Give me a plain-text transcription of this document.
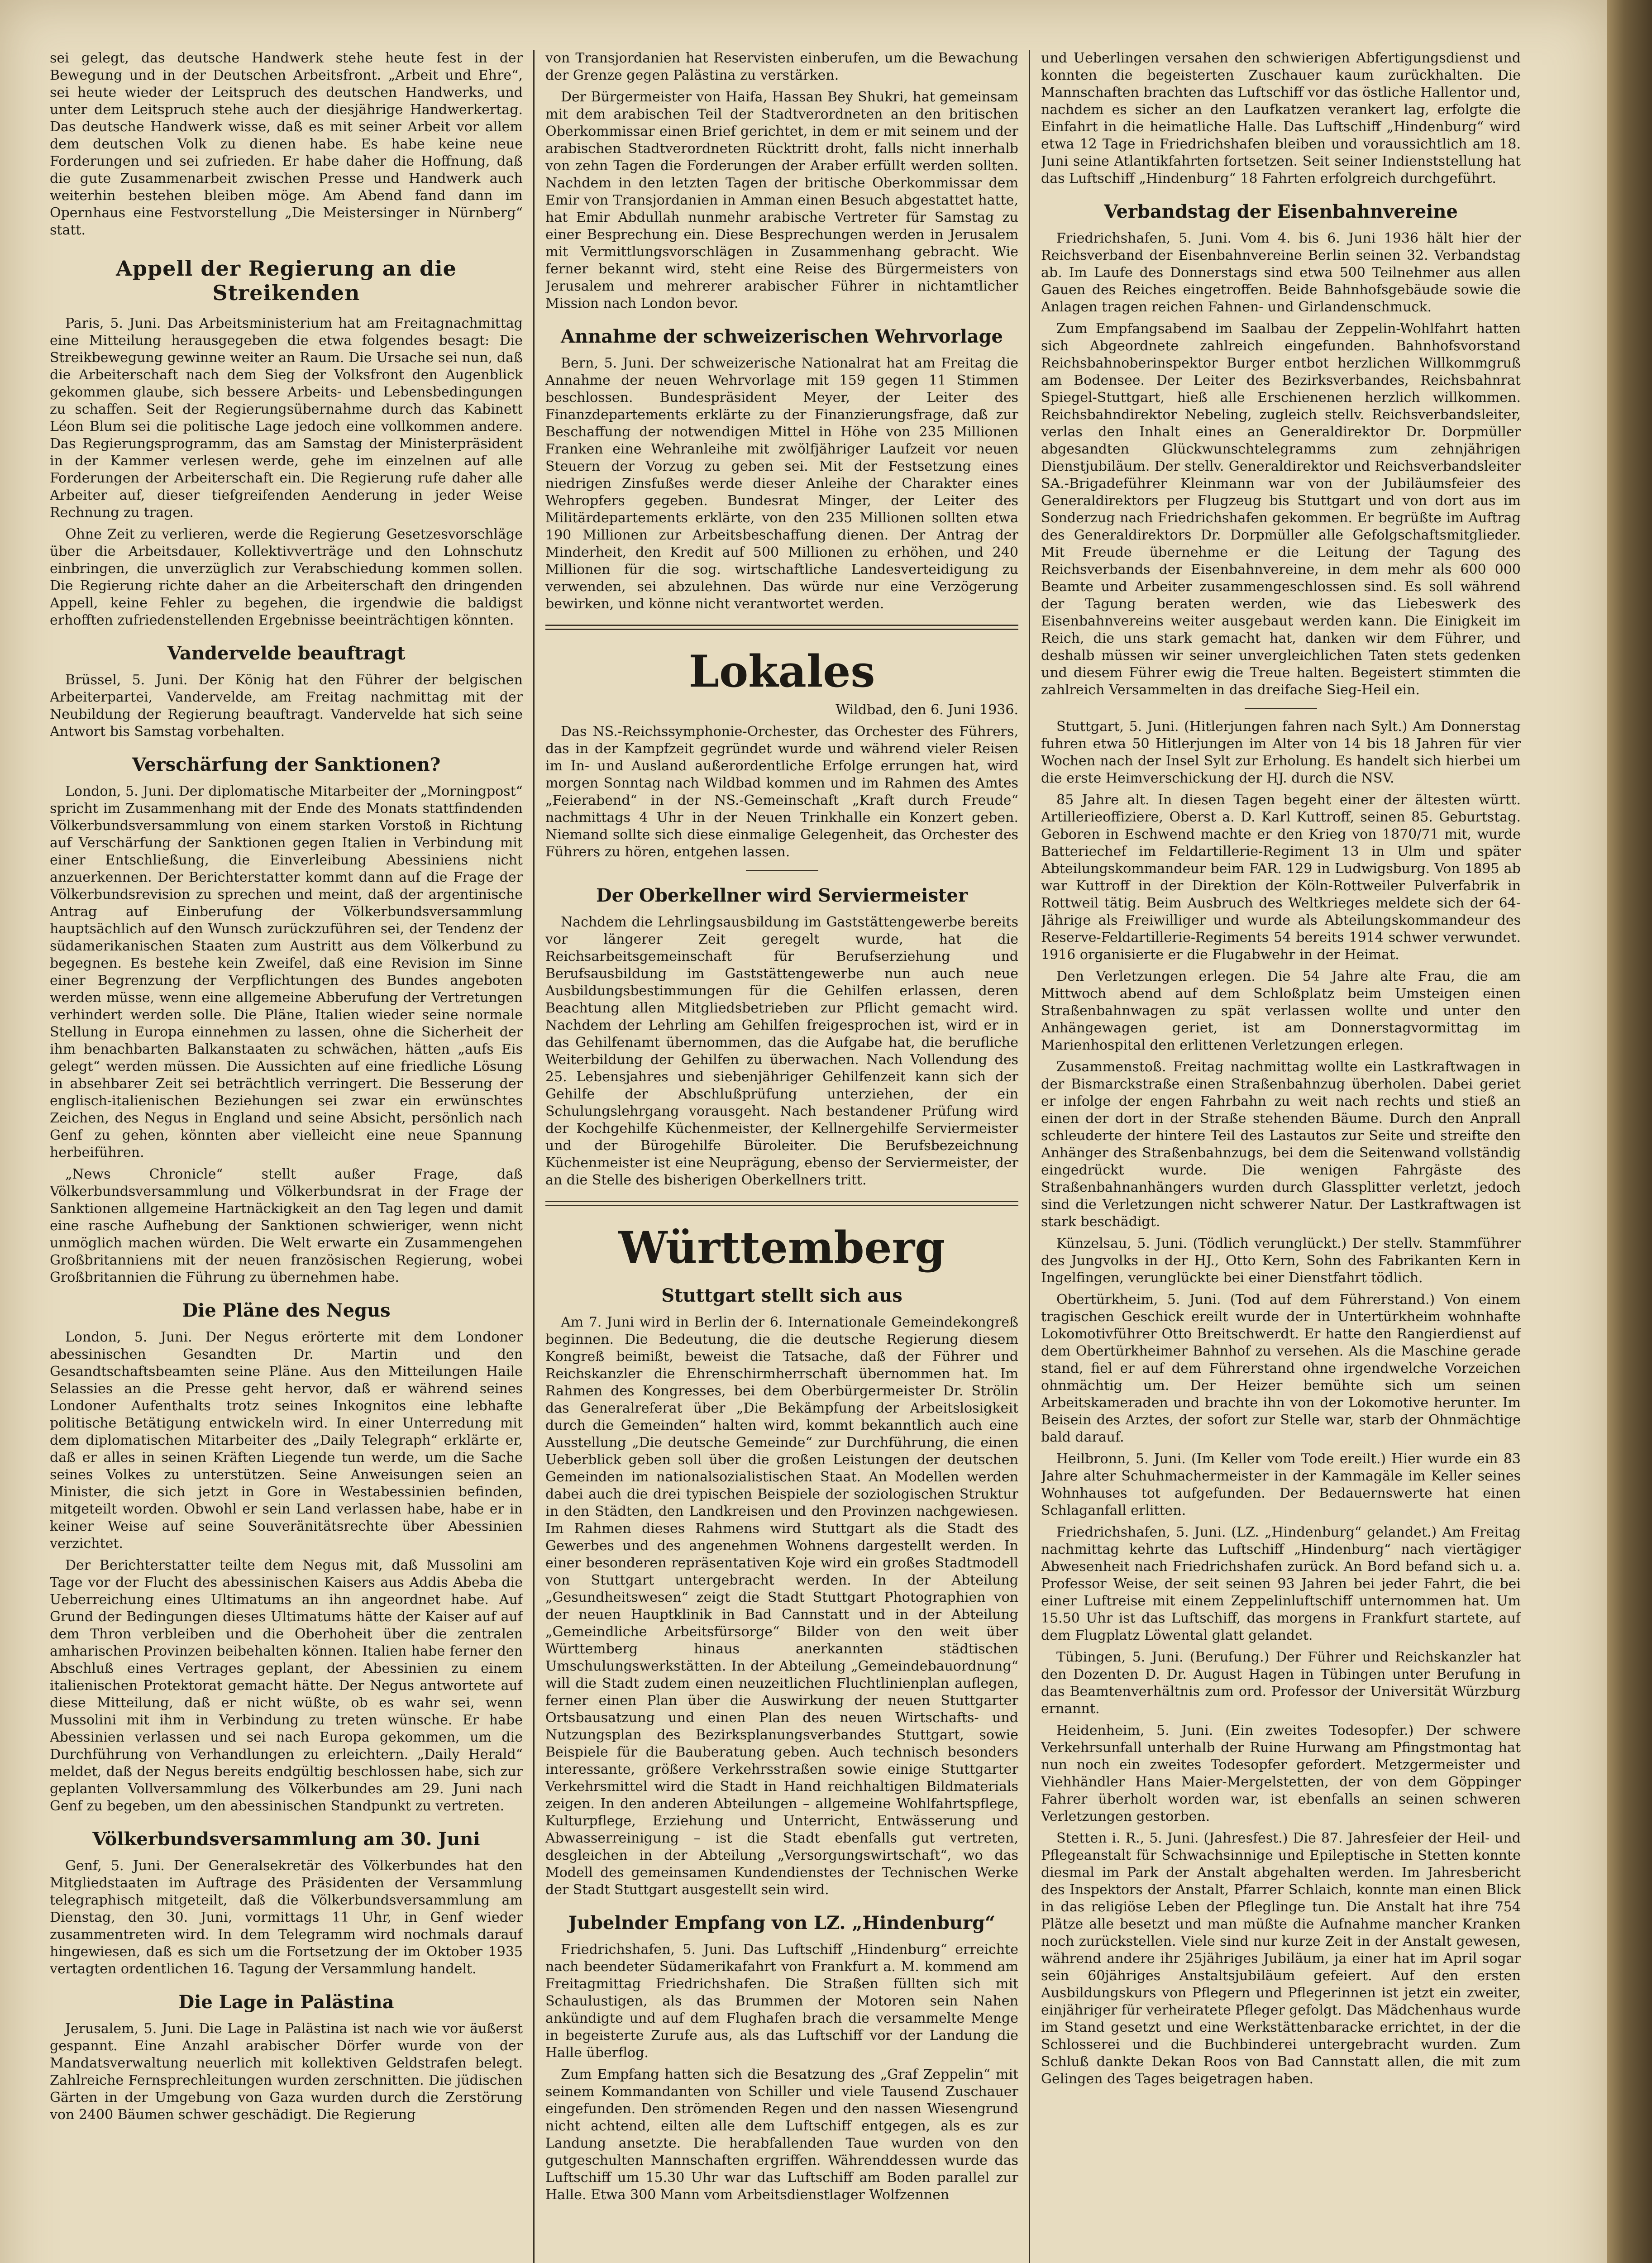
sei gelegt, das deutsche Handwerk stehe heute fest in der Bewegung und in der Deutschen Arbeitsfront. „Arbeit und Ehre“, sei heute wieder der Leitspruch des deutschen Handwerks, und unter dem Leitspruch stehe auch der diesjährige Handwerkertag. Das deutsche Handwerk wisse, daß es mit seiner Arbeit vor allem dem deutschen Volk zu dienen habe. Es habe keine neue Forderungen und sei zufrieden. Er habe daher die Hoffnung, daß die gute Zusammenarbeit zwischen Presse und Handwerk auch weiterhin bestehen bleiben möge. Am Abend fand dann im Opernhaus eine Festvorstellung „Die Meistersinger in Nürnberg“ statt.

Appell der Regierung an die Streikenden

Paris, 5. Juni. Das Arbeitsministerium hat am Freitagnachmittag eine Mitteilung herausgegeben die etwa folgendes besagt: Die Streikbewegung gewinne weiter an Raum. Die Ursache sei nun, daß die Arbeiterschaft nach dem Sieg der Volksfront den Augenblick gekommen glaube, sich bessere Arbeits- und Lebensbedingungen zu schaffen. Seit der Regierungsübernahme durch das Kabinett Léon Blum sei die politische Lage jedoch eine vollkommen andere. Das Regierungsprogramm, das am Samstag der Ministerpräsident in der Kammer verlesen werde, gehe im einzelnen auf alle Forderungen der Arbeiterschaft ein. Die Regierung rufe daher alle Arbeiter auf, dieser tiefgreifenden Aenderung in jeder Weise Rechnung zu tragen.

Ohne Zeit zu verlieren, werde die Regierung Gesetzesvorschläge über die Arbeitsdauer, Kollektivverträge und den Lohnschutz einbringen, die unverzüglich zur Verabschiedung kommen sollen. Die Regierung richte daher an die Arbeiterschaft den dringenden Appell, keine Fehler zu begehen, die irgendwie die baldigst erhofften zufriedenstellenden Ergebnisse beeinträchtigen könnten.

Vandervelde beauftragt

Brüssel, 5. Juni. Der König hat den Führer der belgischen Arbeiterpartei, Vandervelde, am Freitag nachmittag mit der Neubildung der Regierung beauftragt. Vandervelde hat sich seine Antwort bis Samstag vorbehalten.

Verschärfung der Sanktionen?

London, 5. Juni. Der diplomatische Mitarbeiter der „Morningpost“ spricht im Zusammenhang mit der Ende des Monats stattfindenden Völkerbundsversammlung von einem starken Vorstoß in Richtung auf Verschärfung der Sanktionen gegen Italien in Verbindung mit einer Entschließung, die Einverleibung Abessiniens nicht anzuerkennen. Der Berichterstatter kommt dann auf die Frage der Völkerbundsrevision zu sprechen und meint, daß der argentinische Antrag auf Einberufung der Völkerbundsversammlung hauptsächlich auf den Wunsch zurückzuführen sei, der Tendenz der südamerikanischen Staaten zum Austritt aus dem Völkerbund zu begegnen. Es bestehe kein Zweifel, daß eine Revision im Sinne einer Begrenzung der Verpflichtungen des Bundes angeboten werden müsse, wenn eine allgemeine Abberufung der Vertretungen verhindert werden solle. Die Pläne, Italien wieder seine normale Stellung in Europa einnehmen zu lassen, ohne die Sicherheit der ihm benachbarten Balkanstaaten zu schwächen, hätten „aufs Eis gelegt“ werden müssen. Die Aussichten auf eine friedliche Lösung in absehbarer Zeit sei beträchtlich verringert. Die Besserung der englisch-italienischen Beziehungen sei zwar ein erwünschtes Zeichen, des Negus in England und seine Absicht, persönlich nach Genf zu gehen, könnten aber vielleicht eine neue Spannung herbeiführen.

„News Chronicle“ stellt außer Frage, daß Völkerbundsversammlung und Völkerbundsrat in der Frage der Sanktionen allgemeine Hartnäckigkeit an den Tag legen und damit eine rasche Aufhebung der Sanktionen schwieriger, wenn nicht unmöglich machen würden. Die Welt erwarte ein Zusammengehen Großbritanniens mit der neuen französischen Regierung, wobei Großbritannien die Führung zu übernehmen habe.

Die Pläne des Negus

London, 5. Juni. Der Negus erörterte mit dem Londoner abessinischen Gesandten Dr. Martin und den Gesandtschaftsbeamten seine Pläne. Aus den Mitteilungen Haile Selassies an die Presse geht hervor, daß er während seines Londoner Aufenthalts trotz seines Inkognitos eine lebhafte politische Betätigung entwickeln wird. In einer Unterredung mit dem diplomatischen Mitarbeiter des „Daily Telegraph“ erklärte er, daß er alles in seinen Kräften Liegende tun werde, um die Sache seines Volkes zu unterstützen. Seine Anweisungen seien an Minister, die sich jetzt in Gore in Westabessinien befinden, mitgeteilt worden. Obwohl er sein Land verlassen habe, habe er in keiner Weise auf seine Souveränitätsrechte über Abessinien verzichtet.

Der Berichterstatter teilte dem Negus mit, daß Mussolini am Tage vor der Flucht des abessinischen Kaisers aus Addis Abeba die Ueberreichung eines Ultimatums an ihn angeordnet habe. Auf Grund der Bedingungen dieses Ultimatums hätte der Kaiser auf auf dem Thron verbleiben und die Oberhoheit über die zentralen amharischen Provinzen beibehalten können. Italien habe ferner den Abschluß eines Vertrages geplant, der Abessinien zu einem italienischen Protektorat gemacht hätte. Der Negus antwortete auf diese Mitteilung, daß er nicht wüßte, ob es wahr sei, wenn Mussolini mit ihm in Verbindung zu treten wünsche. Er habe Abessinien verlassen und sei nach Europa gekommen, um die Durchführung von Verhandlungen zu erleichtern. „Daily Herald“ meldet, daß der Negus bereits endgültig beschlossen habe, sich zur geplanten Vollversammlung des Völkerbundes am 29. Juni nach Genf zu begeben, um den abessinischen Standpunkt zu vertreten.

Völkerbundsversammlung am 30. Juni

Genf, 5. Juni. Der Generalsekretär des Völkerbundes hat den Mitgliedstaaten im Auftrage des Präsidenten der Versammlung telegraphisch mitgeteilt, daß die Völkerbundsversammlung am Dienstag, den 30. Juni, vormittags 11 Uhr, in Genf wieder zusammentreten wird. In dem Telegramm wird nochmals darauf hingewiesen, daß es sich um die Fortsetzung der im Oktober 1935 vertagten ordentlichen 16. Tagung der Versammlung handelt.

Die Lage in Palästina

Jerusalem, 5. Juni. Die Lage in Palästina ist nach wie vor äußerst gespannt. Eine Anzahl arabischer Dörfer wurde von der Mandatsverwaltung neuerlich mit kollektiven Geldstrafen belegt. Zahlreiche Fernsprechleitungen wurden zerschnitten. Die jüdischen Gärten in der Umgebung von Gaza wurden durch die Zerstörung von 2400 Bäumen schwer geschädigt. Die Regierung

von Transjordanien hat Reservisten einberufen, um die Bewachung der Grenze gegen Palästina zu verstärken.

Der Bürgermeister von Haifa, Hassan Bey Shukri, hat gemeinsam mit dem arabischen Teil der Stadtverordneten an den britischen Oberkommissar einen Brief gerichtet, in dem er mit seinem und der arabischen Stadtverordneten Rücktritt droht, falls nicht innerhalb von zehn Tagen die Forderungen der Araber erfüllt werden sollten. Nachdem in den letzten Tagen der britische Oberkommissar dem Emir von Transjordanien in Amman einen Besuch abgestattet hatte, hat Emir Abdullah nunmehr arabische Vertreter für Samstag zu einer Besprechung ein. Diese Besprechungen werden in Jerusalem mit Vermittlungsvorschlägen in Zusammenhang gebracht. Wie ferner bekannt wird, steht eine Reise des Bürgermeisters von Jerusalem und mehrerer arabischer Führer in nichtamtlicher Mission nach London bevor.

Annahme der schweizerischen Wehrvorlage

Bern, 5. Juni. Der schweizerische Nationalrat hat am Freitag die Annahme der neuen Wehrvorlage mit 159 gegen 11 Stimmen beschlossen. Bundespräsident Meyer, der Leiter des Finanzdepartements erklärte zu der Finanzierungsfrage, daß zur Beschaffung der notwendigen Mittel in Höhe von 235 Millionen Franken eine Wehranleihe mit zwölfjähriger Laufzeit vor neuen Steuern der Vorzug zu geben sei. Mit der Festsetzung eines niedrigen Zinsfußes werde dieser Anleihe der Charakter eines Wehropfers gegeben. Bundesrat Minger, der Leiter des Militärdepartements erklärte, von den 235 Millionen sollten etwa 190 Millionen zur Arbeitsbeschaffung dienen. Der Antrag der Minderheit, den Kredit auf 500 Millionen zu erhöhen, und 240 Millionen für die sog. wirtschaftliche Landesverteidigung zu verwenden, sei abzulehnen. Das würde nur eine Verzögerung bewirken, und könne nicht verantwortet werden.

Lokales
Wildbad, den 6. Juni 1936.

Das NS.-Reichssymphonie-Orchester, das Orchester des Führers, das in der Kampfzeit gegründet wurde und während vieler Reisen im In- und Ausland außerordentliche Erfolge errungen hat, wird morgen Sonntag nach Wildbad kommen und im Rahmen des Amtes „Feierabend“ in der NS.-Gemeinschaft „Kraft durch Freude“ nachmittags 4 Uhr in der Neuen Trinkhalle ein Konzert geben. Niemand sollte sich diese einmalige Gelegenheit, das Orchester des Führers zu hören, entgehen lassen.

Der Oberkellner wird Serviermeister

Nachdem die Lehrlingsausbildung im Gaststättengewerbe bereits vor längerer Zeit geregelt wurde, hat die Reichsarbeitsgemeinschaft für Berufserziehung und Berufsausbildung im Gaststättengewerbe nun auch neue Ausbildungsbestimmungen für die Gehilfen erlassen, deren Beachtung allen Mitgliedsbetrieben zur Pflicht gemacht wird. Nachdem der Lehrling am Gehilfen freigesprochen ist, wird er in das Gehilfenamt übernommen, das die Aufgabe hat, die berufliche Weiterbildung der Gehilfen zu überwachen. Nach Vollendung des 25. Lebensjahres und siebenjähriger Gehilfenzeit kann sich der Gehilfe der Abschlußprüfung unterziehen, der ein Schulungslehrgang vorausgeht. Nach bestandener Prüfung wird der Kochgehilfe Küchenmeister, der Kellnergehilfe Serviermeister und der Bürogehilfe Büroleiter. Die Berufsbezeichnung Küchenmeister ist eine Neuprägung, ebenso der Serviermeister, der an die Stelle des bisherigen Oberkellners tritt.

Württemberg
Stuttgart stellt sich aus

Am 7. Juni wird in Berlin der 6. Internationale Gemeindekongreß beginnen. Die Bedeutung, die die deutsche Regierung diesem Kongreß beimißt, beweist die Tatsache, daß der Führer und Reichskanzler die Ehrenschirmherrschaft übernommen hat. Im Rahmen des Kongresses, bei dem Oberbürgermeister Dr. Strölin das Generalreferat über „Die Bekämpfung der Arbeitslosigkeit durch die Gemeinden“ halten wird, kommt bekanntlich auch eine Ausstellung „Die deutsche Gemeinde“ zur Durchführung, die einen Ueberblick geben soll über die großen Leistungen der deutschen Gemeinden im nationalsozialistischen Staat. An Modellen werden dabei auch die drei typischen Beispiele der soziologischen Struktur in den Städten, den Landkreisen und den Provinzen nachgewiesen. Im Rahmen dieses Rahmens wird Stuttgart als die Stadt des Gewerbes und des angenehmen Wohnens dargestellt werden. In einer besonderen repräsentativen Koje wird ein großes Stadtmodell von Stuttgart untergebracht werden. In der Abteilung „Gesundheitswesen“ zeigt die Stadt Stuttgart Photographien von der neuen Hauptklinik in Bad Cannstatt und in der Abteilung „Gemeindliche Arbeitsfürsorge“ Bilder von den weit über Württemberg hinaus anerkannten städtischen Umschulungswerkstätten. In der Abteilung „Gemeindebauordnung“ will die Stadt zudem einen neuzeitlichen Fluchtlinienplan auflegen, ferner einen Plan über die Auswirkung der neuen Stuttgarter Ortsbausatzung und einen Plan des neuen Wirtschafts- und Nutzungsplan des Bezirksplanungsverbandes Stuttgart, sowie Beispiele für die Bauberatung geben. Auch technisch besonders interessante, größere Verkehrsstraßen sowie einige Stuttgarter Verkehrsmittel wird die Stadt in Hand reichhaltigen Bildmaterials zeigen. In den anderen Abteilungen – allgemeine Wohlfahrtspflege, Kulturpflege, Erziehung und Unterricht, Entwässerung und Abwasserreinigung – ist die Stadt ebenfalls gut vertreten, desgleichen in der Abteilung „Versorgungswirtschaft“, wo das Modell des gemeinsamen Kundendienstes der Technischen Werke der Stadt Stuttgart ausgestellt sein wird.

Jubelnder Empfang von LZ. „Hindenburg“

Friedrichshafen, 5. Juni. Das Luftschiff „Hindenburg“ erreichte nach beendeter Südamerikafahrt von Frankfurt a. M. kommend am Freitagmittag Friedrichshafen. Die Straßen füllten sich mit Schaulustigen, als das Brummen der Motoren sein Nahen ankündigte und auf dem Flughafen brach die versammelte Menge in begeisterte Zurufe aus, als das Luftschiff vor der Landung die Halle überflog.

Zum Empfang hatten sich die Besatzung des „Graf Zeppelin“ mit seinem Kommandanten von Schiller und viele Tausend Zuschauer eingefunden. Den strömenden Regen und den nassen Wiesengrund nicht achtend, eilten alle dem Luftschiff entgegen, als es zur Landung ansetzte. Die herabfallenden Taue wurden von den gutgeschulten Mannschaften ergriffen. Währenddessen wurde das Luftschiff um 15.30 Uhr war das Luftschiff am Boden parallel zur Halle. Etwa 300 Mann vom Arbeitsdienstlager Wolfzennen

und Ueberlingen versahen den schwierigen Abfertigungsdienst und konnten die begeisterten Zuschauer kaum zurückhalten. Die Mannschaften brachten das Luftschiff vor das östliche Hallentor und, nachdem es sicher an den Laufkatzen verankert lag, erfolgte die Einfahrt in die heimatliche Halle. Das Luftschiff „Hindenburg“ wird etwa 12 Tage in Friedrichshafen bleiben und voraussichtlich am 18. Juni seine Atlantikfahrten fortsetzen. Seit seiner Indienststellung hat das Luftschiff „Hindenburg“ 18 Fahrten erfolgreich durchgeführt.

Verbandstag der Eisenbahnvereine

Friedrichshafen, 5. Juni. Vom 4. bis 6. Juni 1936 hält hier der Reichsverband der Eisenbahnvereine Berlin seinen 32. Verbandstag ab. Im Laufe des Donnerstags sind etwa 500 Teilnehmer aus allen Gauen des Reiches eingetroffen. Beide Bahnhofsgebäude sowie die Anlagen tragen reichen Fahnen- und Girlandenschmuck.

Zum Empfangsabend im Saalbau der Zeppelin-Wohlfahrt hatten sich Abgeordnete zahlreich eingefunden. Bahnhofsvorstand Reichsbahnoberinspektor Burger entbot herzlichen Willkommgruß am Bodensee. Der Leiter des Bezirksverbandes, Reichsbahnrat Spiegel-Stuttgart, hieß alle Erschienenen herzlich willkommen. Reichsbahndirektor Nebeling, zugleich stellv. Reichsverbandsleiter, verlas den Inhalt eines an Generaldirektor Dr. Dorpmüller abgesandten Glückwunschtelegramms zum zehnjährigen Dienstjubiläum. Der stellv. Generaldirektor und Reichsverbandsleiter SA.-Brigadeführer Kleinmann war von der Jubiläumsfeier des Generaldirektors per Flugzeug bis Stuttgart und von dort aus im Sonderzug nach Friedrichshafen gekommen. Er begrüßte im Auftrag des Generaldirektors Dr. Dorpmüller alle Gefolgschaftsmitglieder. Mit Freude übernehme er die Leitung der Tagung des Reichsverbands der Eisenbahnvereine, in dem mehr als 600 000 Beamte und Arbeiter zusammengeschlossen sind. Es soll während der Tagung beraten werden, wie das Liebeswerk des Eisenbahnvereins weiter ausgebaut werden kann. Die Einigkeit im Reich, die uns stark gemacht hat, danken wir dem Führer, und deshalb müssen wir seiner unvergleichlichen Taten stets gedenken und diesem Führer ewig die Treue halten. Begeistert stimmten die zahlreich Versammelten in das dreifache Sieg-Heil ein.

Stuttgart, 5. Juni. (Hitlerjungen fahren nach Sylt.) Am Donnerstag fuhren etwa 50 Hitlerjungen im Alter von 14 bis 18 Jahren für vier Wochen nach der Insel Sylt zur Erholung. Es handelt sich hierbei um die erste Heimverschickung der HJ. durch die NSV.

85 Jahre alt. In diesen Tagen begeht einer der ältesten württ. Artillerieoffiziere, Oberst a. D. Karl Kuttroff, seinen 85. Geburtstag. Geboren in Eschwend machte er den Krieg von 1870/71 mit, wurde Batteriechef im Feldartillerie-Regiment 13 in Ulm und später Abteilungskommandeur beim FAR. 129 in Ludwigsburg. Von 1895 ab war Kuttroff in der Direktion der Köln-Rottweiler Pulverfabrik in Rottweil tätig. Beim Ausbruch des Weltkrieges meldete sich der 64-Jährige als Freiwilliger und wurde als Abteilungskommandeur des Reserve-Feldartillerie-Regiments 54 bereits 1914 schwer verwundet. 1916 organisierte er die Flugabwehr in der Heimat.

Den Verletzungen erlegen. Die 54 Jahre alte Frau, die am Mittwoch abend auf dem Schloßplatz beim Umsteigen einen Straßenbahnwagen zu spät verlassen wollte und unter den Anhängewagen geriet, ist am Donnerstagvormittag im Marienhospital den erlittenen Verletzungen erlegen.

Zusammenstoß. Freitag nachmittag wollte ein Lastkraftwagen in der Bismarckstraße einen Straßenbahnzug überholen. Dabei geriet er infolge der engen Fahrbahn zu weit nach rechts und stieß an einen der dort in der Straße stehenden Bäume. Durch den Anprall schleuderte der hintere Teil des Lastautos zur Seite und streifte den Anhänger des Straßenbahnzugs, bei dem die Seitenwand vollständig eingedrückt wurde. Die wenigen Fahrgäste des Straßenbahnanhängers wurden durch Glassplitter verletzt, jedoch sind die Verletzungen nicht schwerer Natur. Der Lastkraftwagen ist stark beschädigt.

Künzelsau, 5. Juni. (Tödlich verunglückt.) Der stellv. Stammführer des Jungvolks in der HJ., Otto Kern, Sohn des Fabrikanten Kern in Ingelfingen, verunglückte bei einer Dienstfahrt tödlich.

Obertürkheim, 5. Juni. (Tod auf dem Führerstand.) Von einem tragischen Geschick ereilt wurde der in Untertürkheim wohnhafte Lokomotivführer Otto Breitschwerdt. Er hatte den Rangierdienst auf dem Obertürkheimer Bahnhof zu versehen. Als die Maschine gerade stand, fiel er auf dem Führerstand ohne irgendwelche Vorzeichen ohnmächtig um. Der Heizer bemühte sich um seinen Arbeitskameraden und brachte ihn von der Lokomotive herunter. Im Beisein des Arztes, der sofort zur Stelle war, starb der Ohnmächtige bald darauf.

Heilbronn, 5. Juni. (Im Keller vom Tode ereilt.) Hier wurde ein 83 Jahre alter Schuhmachermeister in der Kammagäle im Keller seines Wohnhauses tot aufgefunden. Der Bedauernswerte hat einen Schlaganfall erlitten.

Friedrichshafen, 5. Juni. (LZ. „Hindenburg“ gelandet.) Am Freitag nachmittag kehrte das Luftschiff „Hindenburg“ nach viertägiger Abwesenheit nach Friedrichshafen zurück. An Bord befand sich u. a. Professor Weise, der seit seinen 93 Jahren bei jeder Fahrt, die bei einer Luftreise mit einem Zeppelinluftschiff unternommen hat. Um 15.50 Uhr ist das Luftschiff, das morgens in Frankfurt startete, auf dem Flugplatz Löwental glatt gelandet.

Tübingen, 5. Juni. (Berufung.) Der Führer und Reichskanzler hat den Dozenten D. Dr. August Hagen in Tübingen unter Berufung in das Beamtenverhältnis zum ord. Professor der Universität Würzburg ernannt.

Heidenheim, 5. Juni. (Ein zweites Todesopfer.) Der schwere Verkehrsunfall unterhalb der Ruine Hurwang am Pfingstmontag hat nun noch ein zweites Todesopfer gefordert. Metzgermeister und Viehhändler Hans Maier-Mergelstetten, der von dem Göppinger Fahrer überholt worden war, ist ebenfalls an seinen schweren Verletzungen gestorben.

Stetten i. R., 5. Juni. (Jahresfest.) Die 87. Jahresfeier der Heil- und Pflegeanstalt für Schwachsinnige und Epileptische in Stetten konnte diesmal im Park der Anstalt abgehalten werden. Im Jahresbericht des Inspektors der Anstalt, Pfarrer Schlaich, konnte man einen Blick in das religiöse Leben der Pfleglinge tun. Die Anstalt hat ihre 754 Plätze alle besetzt und man müßte die Aufnahme mancher Kranken noch zurückstellen. Viele sind nur kurze Zeit in der Anstalt gewesen, während andere ihr 25jähriges Jubiläum, ja einer hat im April sogar sein 60jähriges Anstaltsjubiläum gefeiert. Auf den ersten Ausbildungskurs von Pflegern und Pflegerinnen ist jetzt ein zweiter, einjähriger für verheiratete Pfleger gefolgt. Das Mädchenhaus wurde im Stand gesetzt und eine Werkstättenbaracke errichtet, in der die Schlosserei und die Buchbinderei untergebracht wurden. Zum Schluß dankte Dekan Roos von Bad Cannstatt allen, die mit zum Gelingen des Tages beigetragen haben.
